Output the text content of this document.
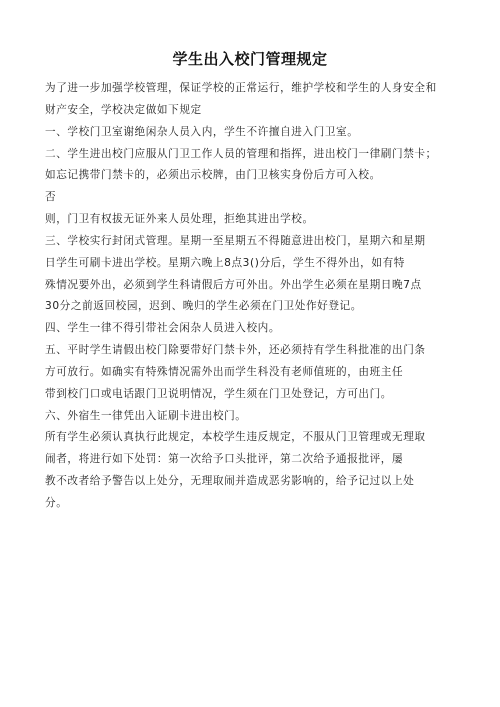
学生出入校门管理规定
为了进一步加强学校管理，保证学校的正常运行，维护学校和学生的人身安全和
财产安全，学校决定做如下规定
一、学校门卫室谢绝闲杂人员入内，学生不许擅自进入门卫室。
二、学生进出校门应服从门卫工作人员的管理和指挥，进出校门一律刷门禁卡；
如忘记携带门禁卡的，必须出示校牌，由门卫核实身份后方可入校。
否
则，门卫有权拔无证外来人员处理，拒绝其进出学校。
三、学校实行封闭式管理。星期一至星期五不得随意进出校门，星期六和星期
日学生可刷卡进出学校。星期六晚上8点3()分后，学生不得外出，如有特
殊情况要外出，必须到学生科请假后方可外出。外出学生必须在星期日晚7点
30分之前返回校园，迟到、晚归的学生必须在门卫处作好登记。
四、学生一律不得引带社会闲杂人员进入校内。
五、平时学生请假出校门除要带好门禁卡外，还必须持有学生科批准的出门条
方可放行。如确实有特殊情况需外出而学生科没有老师值班的，由班主任
带到校门口或电话跟门卫说明情况，学生须在门卫处登记，方可出门。
六、外宿生一律凭出入证刷卡进出校门。
所有学生必须认真执行此规定，本校学生违反规定，不服从门卫管理或无理取
闹者，将进行如下处罚：第一次给予口头批评，第二次给予通报批评，屡
教不改者给予警告以上处分，无理取闹并造成恶劣影响的，给予记过以上处
分。
